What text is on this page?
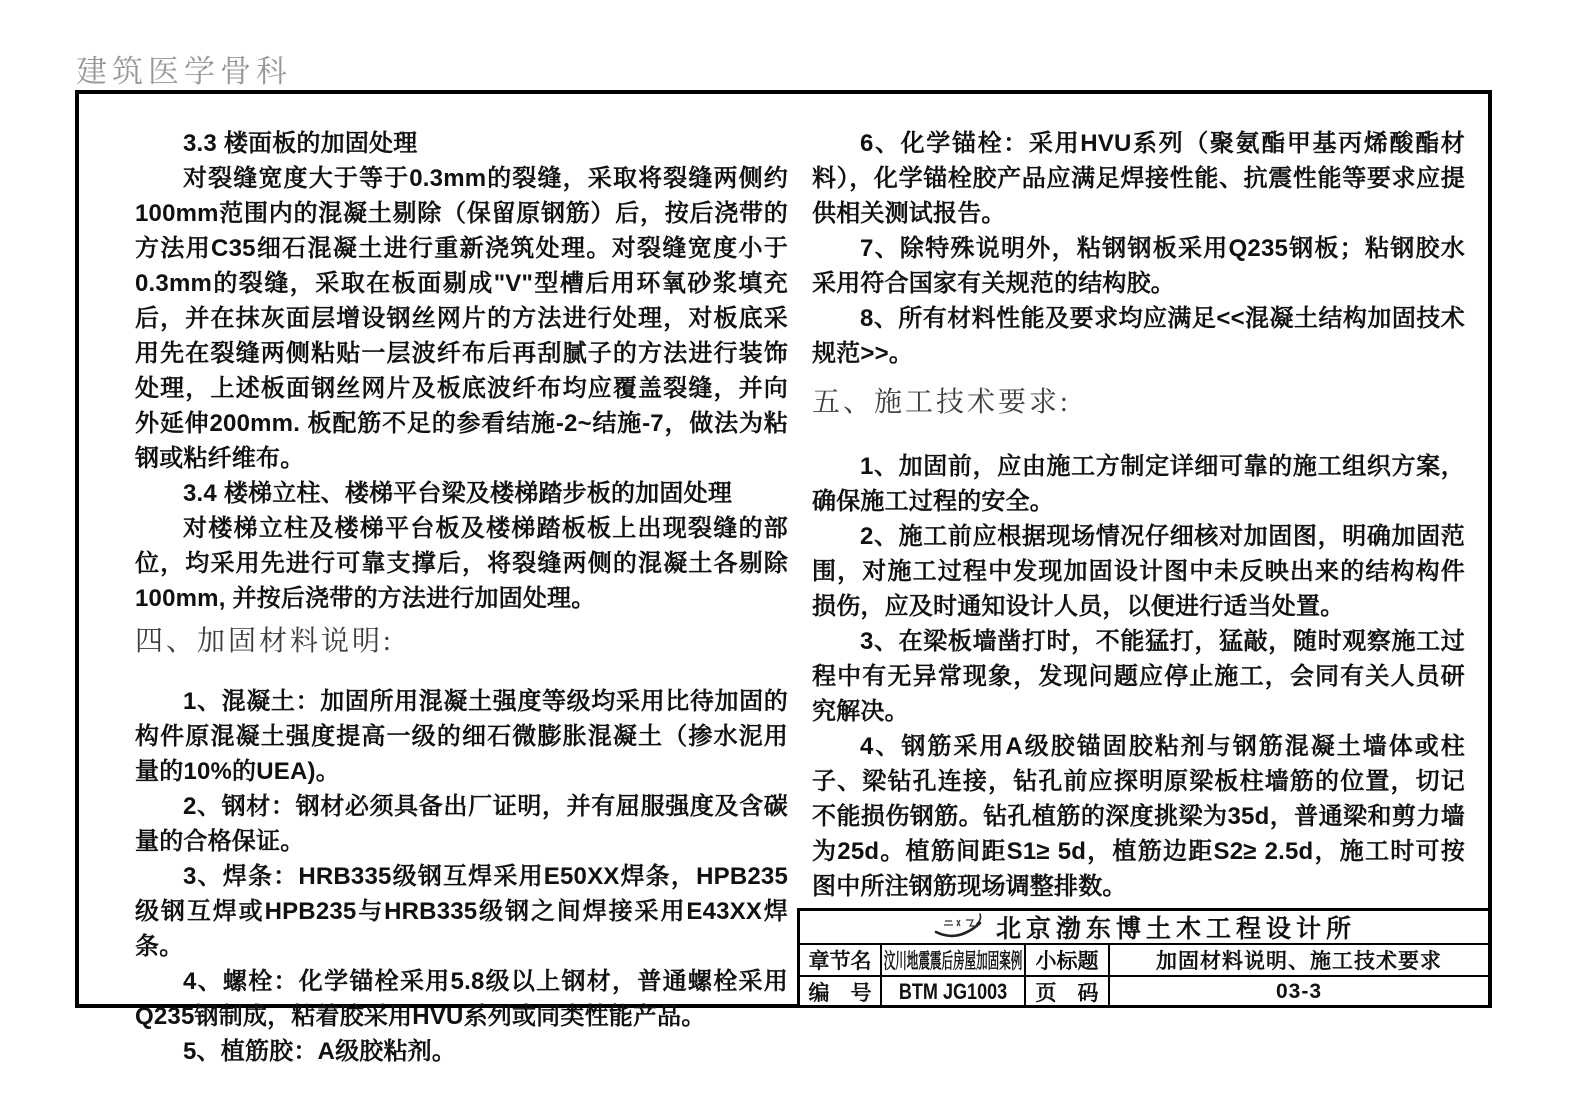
建筑医学骨科

3.3 楼面板的加固处理

对裂缝宽度大于等于0.3mm的裂缝，采取将裂缝两侧约100mm范围内的混凝土剔除（保留原钢筋）后，按后浇带的方法用C35细石混凝土进行重新浇筑处理。对裂缝宽度小于0.3mm的裂缝，采取在板面剔成"V"型槽后用环氧砂浆填充后，并在抹灰面层增设钢丝网片的方法进行处理，对板底采用先在裂缝两侧粘贴一层波纤布后再刮腻子的方法进行装饰处理，上述板面钢丝网片及板底波纤布均应覆盖裂缝，并向外延伸200mm. 板配筋不足的参看结施-2~结施-7，做法为粘钢或粘纤维布。

3.4 楼梯立柱、楼梯平台梁及楼梯踏步板的加固处理

对楼梯立柱及楼梯平台板及楼梯踏板板上出现裂缝的部位，均采用先进行可靠支撑后，将裂缝两侧的混凝土各剔除100mm, 并按后浇带的方法进行加固处理。

四、加固材料说明:

1、混凝土：加固所用混凝土强度等级均采用比待加固的构件原混凝土强度提高一级的细石微膨胀混凝土（掺水泥用量的10%的UEA)。

2、钢材：钢材必须具备出厂证明，并有屈服强度及含碳量的合格保证。

3、焊条：HRB335级钢互焊采用E50XX焊条，HPB235级钢互焊或HPB235与HRB335级钢之间焊接采用E43XX焊条。

4、螺栓：化学锚栓采用5.8级以上钢材，普通螺栓采用Q235钢制成，粘着胶采用HVU系列或同类性能产品。

5、植筋胶：A级胶粘剂。

6、化学锚栓：采用HVU系列（聚氨酯甲基丙烯酸酯材料），化学锚栓胶产品应满足焊接性能、抗震性能等要求应提供相关测试报告。

7、除特殊说明外，粘钢钢板采用Q235钢板；粘钢胶水采用符合国家有关规范的结构胶。

8、所有材料性能及要求均应满足<<混凝土结构加固技术规范>>。

五、施工技术要求:

1、加固前，应由施工方制定详细可靠的施工组织方案，确保施工过程的安全。

2、施工前应根据现场情况仔细核对加固图，明确加固范围，对施工过程中发现加固设计图中未反映出来的结构构件损伤，应及时通知设计人员，以便进行适当处置。

3、在梁板墙凿打时，不能猛打，猛敲，随时观察施工过程中有无异常现象，发现问题应停止施工，会同有关人员研究解决。

4、钢筋采用A级胶锚固胶粘剂与钢筋混凝土墙体或柱子、梁钻孔连接，钻孔前应探明原梁板柱墙筋的位置，切记不能损伤钢筋。钻孔植筋的深度挑梁为35d，普通梁和剪力墙为25d。植筋间距S1≥ 5d，植筋边距S2≥ 2.5d，施工时可按图中所注钢筋现场调整排数。

北京渤东博土木工程设计所
章节名 汶川地震震后房屋加固案例 小标题	加固材料说明、施工技术要求
编　号	BTM JG1003	页　码	03-3
